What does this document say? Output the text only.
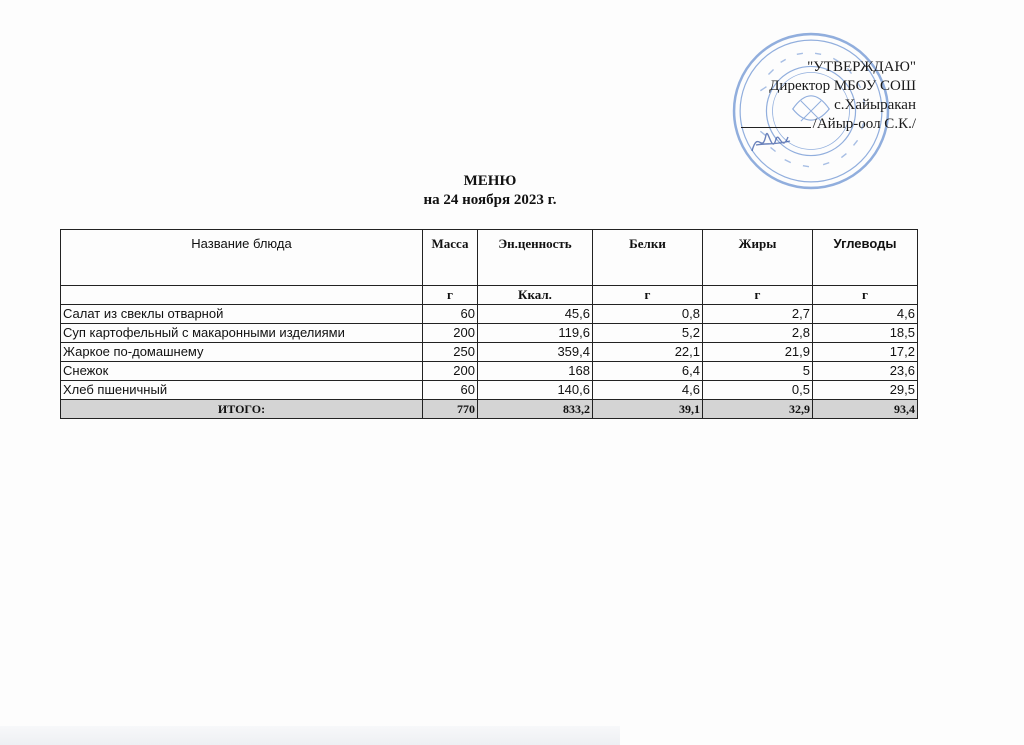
"УТВЕРЖДАЮ"
Директор МБОУ СОШ
с.Хайыракан
/Айыр-оол С.К./
МЕНЮ
на 24 ноября 2023 г.
Название блюда	Масса	Эн.ценность	Белки	Жиры	Углеводы
	г	Ккал.	г	г	г
Салат из свеклы отварной	60	45,6	0,8	2,7	4,6
Суп картофельный с макаронными изделиями	200	119,6	5,2	2,8	18,5
Жаркое по-домашнему	250	359,4	22,1	21,9	17,2
Снежок	200	168	6,4	5	23,6
Хлеб пшеничный	60	140,6	4,6	0,5	29,5
ИТОГО:	770	833,2	39,1	32,9	93,4
